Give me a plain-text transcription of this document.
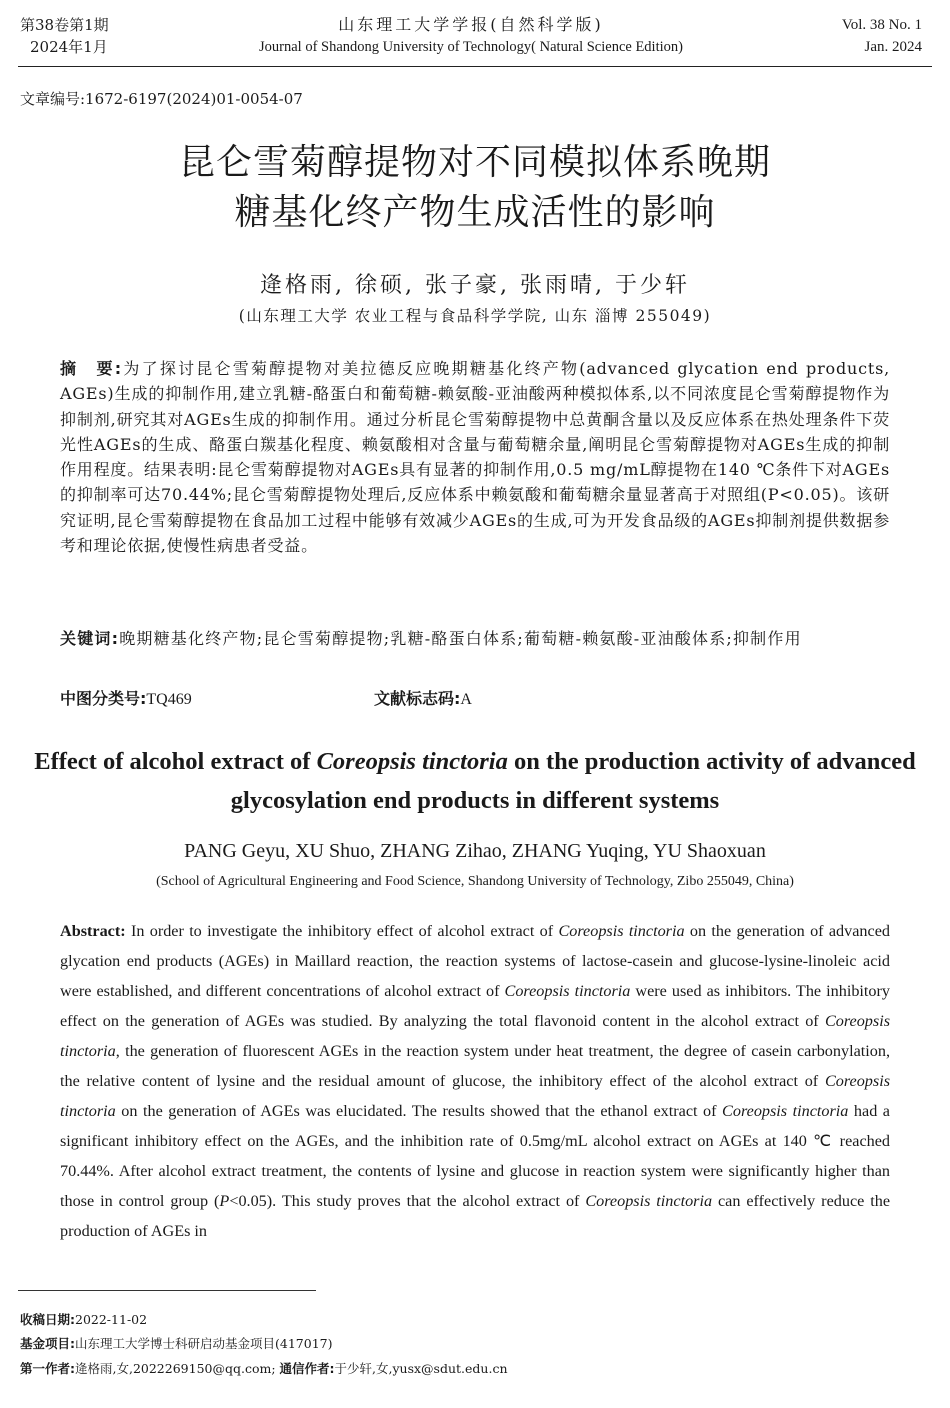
第38卷第1期
2024年1月
山东理工大学学报(自然科学版)
Journal of Shandong University of Technology( Natural Science Edition)
Vol. 38 No. 1
Jan. 2024
文章编号:1672-6197(2024)01-0054-07
昆仑雪菊醇提物对不同模拟体系晚期
糖基化终产物生成活性的影响
逄格雨, 徐硕, 张子豪, 张雨晴, 于少轩
(山东理工大学 农业工程与食品科学学院, 山东 淄博 255049)
摘　要:为了探讨昆仑雪菊醇提物对美拉德反应晚期糖基化终产物(advanced glycation end products, AGEs)生成的抑制作用,建立乳糖-酪蛋白和葡萄糖-赖氨酸-亚油酸两种模拟体系,以不同浓度昆仑雪菊醇提物作为抑制剂,研究其对AGEs生成的抑制作用。通过分析昆仑雪菊醇提物中总黄酮含量以及反应体系在热处理条件下荧光性AGEs的生成、酪蛋白羰基化程度、赖氨酸相对含量与葡萄糖余量,阐明昆仑雪菊醇提物对AGEs生成的抑制作用程度。结果表明:昆仑雪菊醇提物对AGEs具有显著的抑制作用,0.5 mg/mL醇提物在140 ℃条件下对AGEs的抑制率可达70.44%;昆仑雪菊醇提物处理后,反应体系中赖氨酸和葡萄糖余量显著高于对照组(P<0.05)。该研究证明,昆仑雪菊醇提物在食品加工过程中能够有效减少AGEs的生成,可为开发食品级的AGEs抑制剂提供数据参考和理论依据,使慢性病患者受益。
关键词:晚期糖基化终产物;昆仑雪菊醇提物;乳糖-酪蛋白体系;葡萄糖-赖氨酸-亚油酸体系;抑制作用
中图分类号:TQ469	文献标志码:A
Effect of alcohol extract of Coreopsis tinctoria on the production activity of advanced glycosylation end products in different systems
PANG Geyu, XU Shuo, ZHANG Zihao, ZHANG Yuqing, YU Shaoxuan
(School of Agricultural Engineering and Food Science, Shandong University of Technology, Zibo 255049, China)
Abstract: In order to investigate the inhibitory effect of alcohol extract of Coreopsis tinctoria on the generation of advanced glycation end products (AGEs) in Maillard reaction, the reaction systems of lactose-casein and glucose-lysine-linoleic acid were established, and different concentrations of alcohol extract of Coreopsis tinctoria were used as inhibitors. The inhibitory effect on the generation of AGEs was studied. By analyzing the total flavonoid content in the alcohol extract of Coreopsis tinctoria, the generation of fluorescent AGEs in the reaction system under heat treatment, the degree of casein carbonylation, the relative content of lysine and the residual amount of glucose, the inhibitory effect of the alcohol extract of Coreopsis tinctoria on the generation of AGEs was elucidated. The results showed that the ethanol extract of Coreopsis tinctoria had a significant inhibitory effect on the AGEs, and the inhibition rate of 0.5mg/mL alcohol extract on AGEs at 140 ℃ reached 70.44%. After alcohol extract treatment, the contents of lysine and glucose in reaction system were significantly higher than those in control group (P<0.05). This study proves that the alcohol extract of Coreopsis tinctoria can effectively reduce the production of AGEs in
收稿日期:2022-11-02
基金项目:山东理工大学博士科研启动基金项目(417017)
第一作者:逄格雨,女,2022269150@qq.com; 通信作者:于少轩,女,yusx@sdut.edu.cn
